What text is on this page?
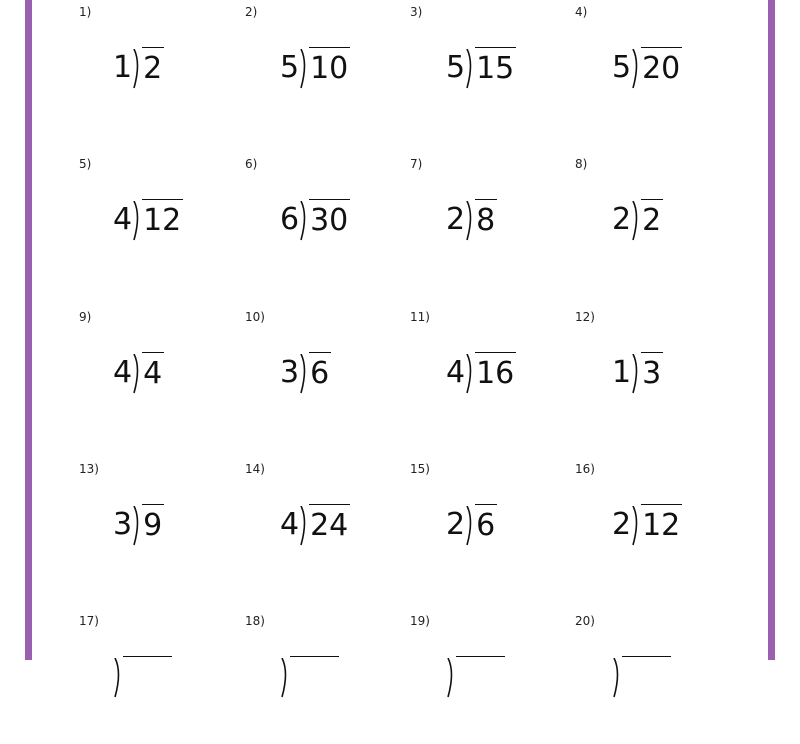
1)
1 2
2)
5 10
3)
5 15
4)
5 20
5)
4 12
6)
6 30
7)
2 8
8)
2 2
9)
4 4
10)
3 6
11)
4 16
12)
1 3
13)
3 9
14)
4 24
15)
2 6
16)
2 12
17)	18)	19)	20)
